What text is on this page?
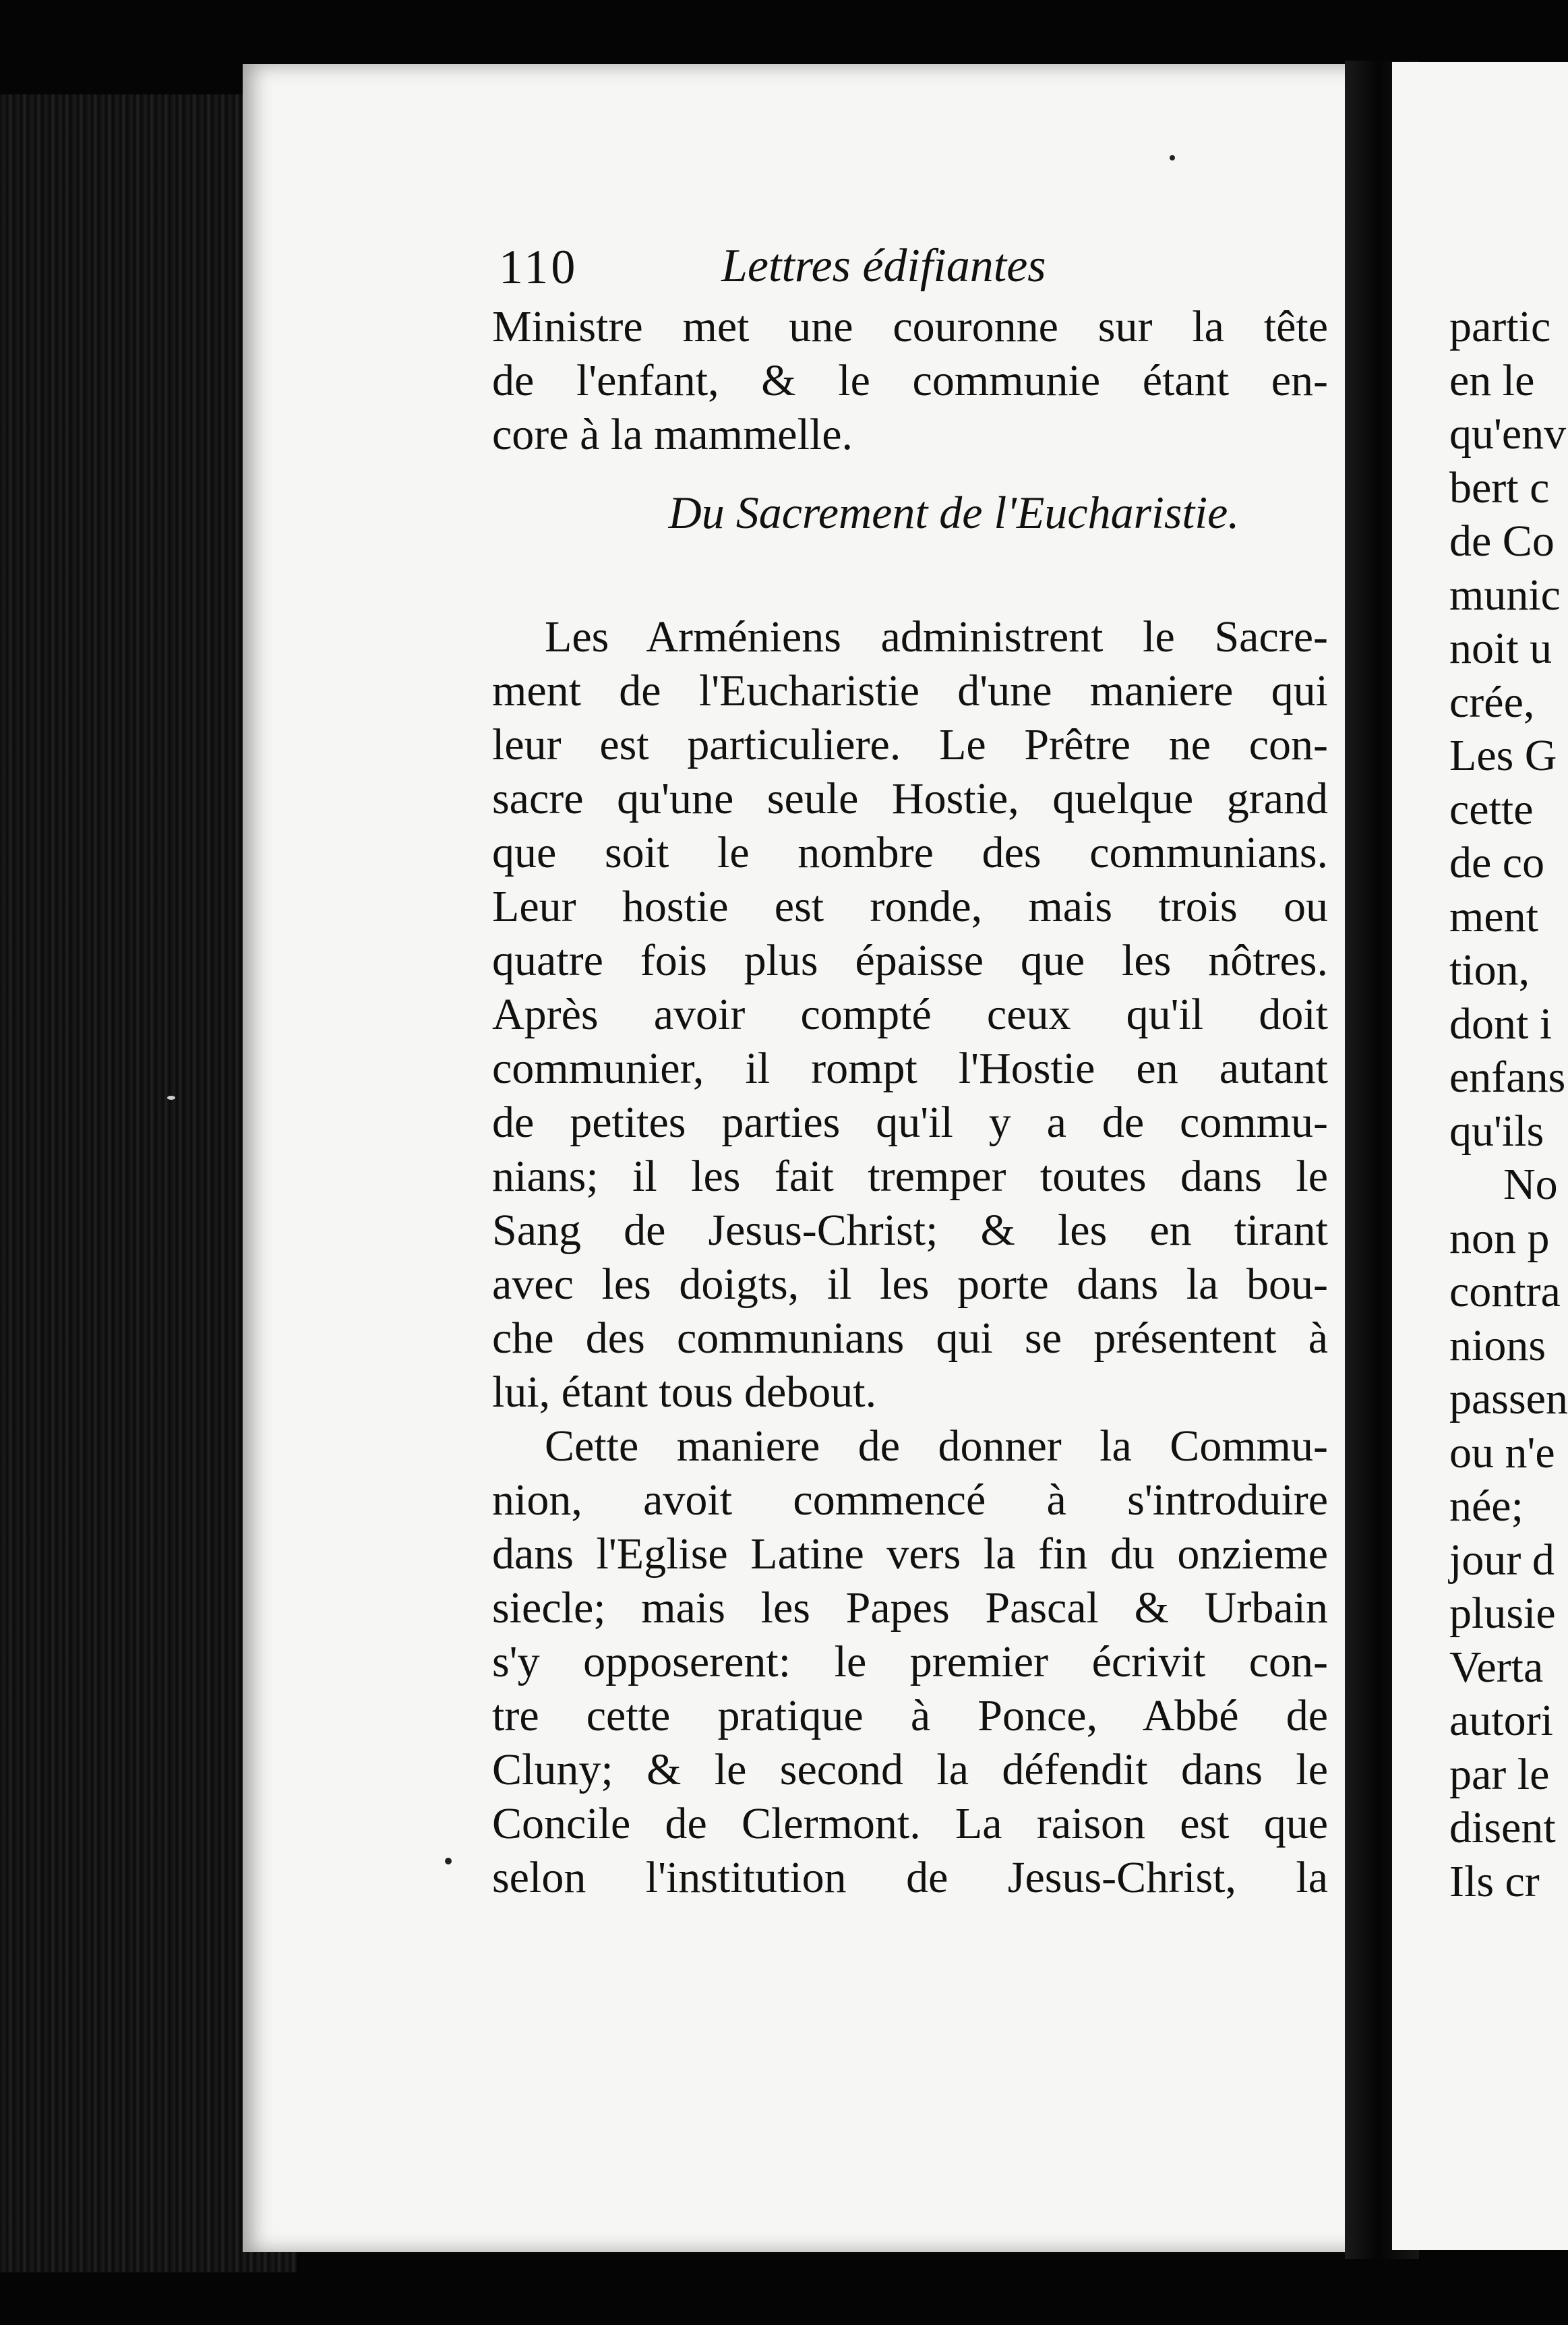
110	Lettres édifiantes
Ministre met une couronne sur la tête
de l'enfant, & le communie étant en-
core à la mammelle.
Du Sacrement de l'Eucharistie.
Les Arméniens administrent le Sacre-
ment de l'Eucharistie d'une maniere qui
leur est particuliere. Le Prêtre ne con-
sacre qu'une seule Hostie, quelque grand
que soit le nombre des communians.
Leur hostie est ronde, mais trois ou
quatre fois plus épaisse que les nôtres.
Après avoir compté ceux qu'il doit
communier, il rompt l'Hostie en autant
de petites parties qu'il y a de commu-
nians; il les fait tremper toutes dans le
Sang de Jesus-Christ; & les en tirant
avec les doigts, il les porte dans la bou-
che des communians qui se présentent à
lui, étant tous debout.
Cette maniere de donner la Commu-
nion, avoit commencé à s'introduire
dans l'Eglise Latine vers la fin du onzieme
siecle; mais les Papes Pascal & Urbain
s'y opposerent: le premier écrivit con-
tre cette pratique à Ponce, Abbé de
Cluny; & le second la défendit dans le
Concile de Clermont. La raison est que
selon l'institution de Jesus-Christ, la
partic
en le
qu'env
bert c
de Co
munic
noit u
crée,
Les G
cette
de co
ment
tion,
dont i
enfans
qu'ils
No
non p
contra
nions
passen
ou n'e
née;
jour d
plusie
Verta
autori
par le
disent
Ils cr
